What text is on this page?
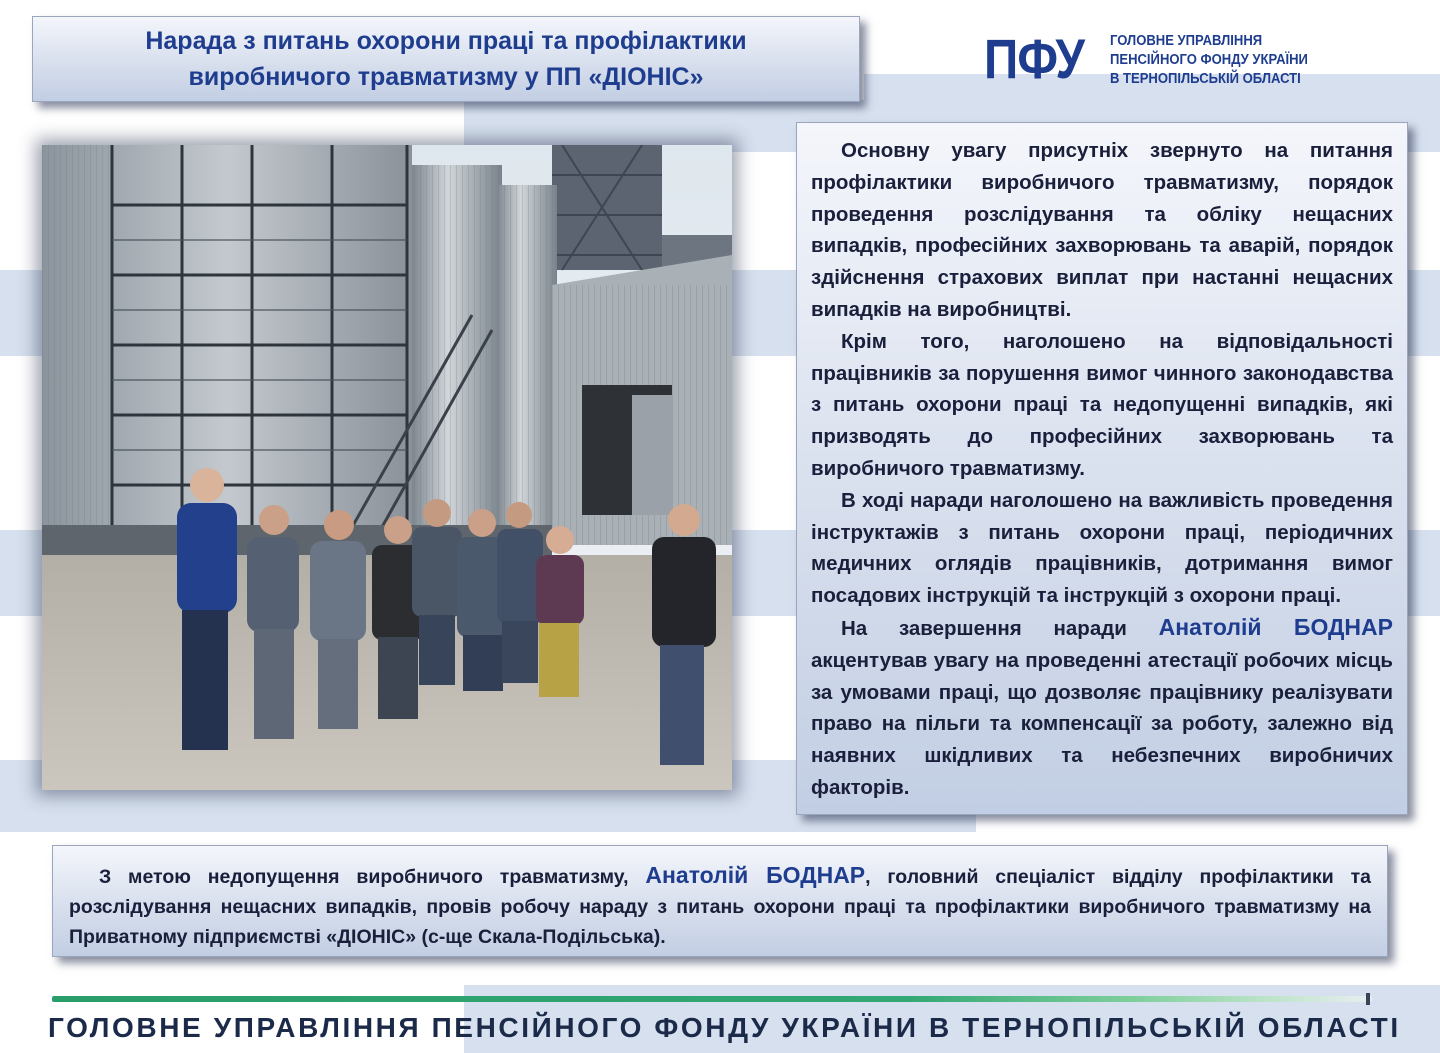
Нарада з питань охорони праці та профілактики виробничого травматизму у ПП «ДІОНІС»	ПФУ ГОЛОВНЕ УПРАВЛІННЯ
ПЕНСІЙНОГО ФОНДУ УКРАЇНИ
В ТЕРНОПІЛЬСЬКІЙ ОБЛАСТІ

Основну увагу присутніх звернуто на питання профілактики виробничого травматизму, порядок проведення розслідування та обліку нещасних випадків, професійних захворювань та аварій, порядок здійснення страхових виплат при настанні нещасних випадків на виробництві.

Крім того, наголошено на відповідальності працівників за порушення вимог чинного законодавства з питань охорони праці та недопущенні випадків, які призводять до професійних захворювань та виробничого травматизму.

В ході наради наголошено на важливість проведення інструктажів з питань охорони праці, періодичних медичних оглядів працівників, дотримання вимог посадових інструкцій та інструкцій з охорони праці.

На завершення наради Анатолій БОДНАР акцентував увагу на проведенні атестації робочих місць за умовами праці, що дозволяє працівнику реалізувати право на пільги та компенсації за роботу, залежно від наявних шкідливих та небезпечних виробничих факторів.

З метою недопущення виробничого травматизму, Анатолій БОДНАР, головний спеціаліст відділу профілактики та розслідування нещасних випадків, провів робочу нараду з питань охорони праці та профілактики виробничого травматизму на Приватному підприємстві «ДІОНІС» (с-ще Скала-Подільська).

ГОЛОВНЕ УПРАВЛІННЯ ПЕНСІЙНОГО ФОНДУ УКРАЇНИ В ТЕРНОПІЛЬСЬКІЙ ОБЛАСТІ
